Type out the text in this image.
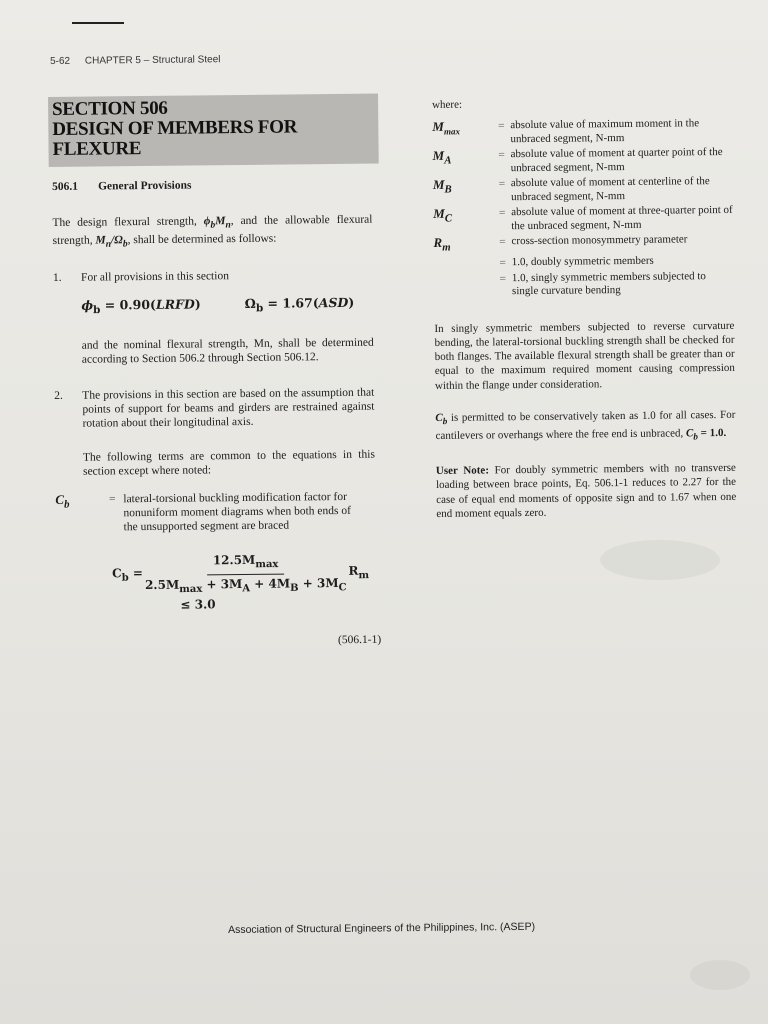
5-62 CHAPTER 5 – Structural Steel
SECTION 506
DESIGN OF MEMBERS FOR
FLEXURE
506.1 General Provisions

The design flexural strength, $\phi_bM_n$, and the allowable flexural strength, $M_n/\Omega_b$, shall be determined as follows:

1.	For all provisions in this section
$\phi_b$ = 0.90(LRFD)	$\Omega_b = 1.67(ASD)$

and the nominal flexural strength, Mn, shall be determined according to Section 506.2 through Section 506.12.

2.	The provisions in this section are based on the assumption that points of support for beams and girders are restrained against rotation about their longitudinal axis.

The following terms are common to the equations in this section except where noted:

$C_b$	= lateral-torsional buckling modification factor for nonuniform moment diagrams when both ends of the unsupported segment are braced
$C_b = \frac{12.5M_{max}}{2.5M_{max} + 3M_A + 4M_B + 3M_C} R_m$
≤ 3.0
(506.1-1)
where:
$M_{max}$	= absolute value of maximum moment in the unbraced segment, N-mm
$M_A$	= absolute value of moment at quarter point of the unbraced segment, N-mm
$M_B$	= absolute value of moment at centerline of the unbraced segment, N-mm
$M_C$	= absolute value of moment at three-quarter point of the unbraced segment, N-mm
$R_m$	= cross-section monosymmetry parameter
= 1.0, doubly symmetric members
= 1.0, singly symmetric members subjected to single curvature bending

In singly symmetric members subjected to reverse curvature bending, the lateral-torsional buckling strength shall be checked for both flanges. The available flexural strength shall be greater than or equal to the maximum required moment causing compression within the flange under consideration.

$C_b$ is permitted to be conservatively taken as 1.0 for all cases. For cantilevers or overhangs where the free end is unbraced, $C_b = 1.0$.

User Note: For doubly symmetric members with no transverse loading between brace points, Eq. 506.1-1 reduces to 2.27 for the case of equal end moments of opposite sign and to 1.67 when one end moment equals zero.

Association of Structural Engineers of the Philippines, Inc. (ASEP)
